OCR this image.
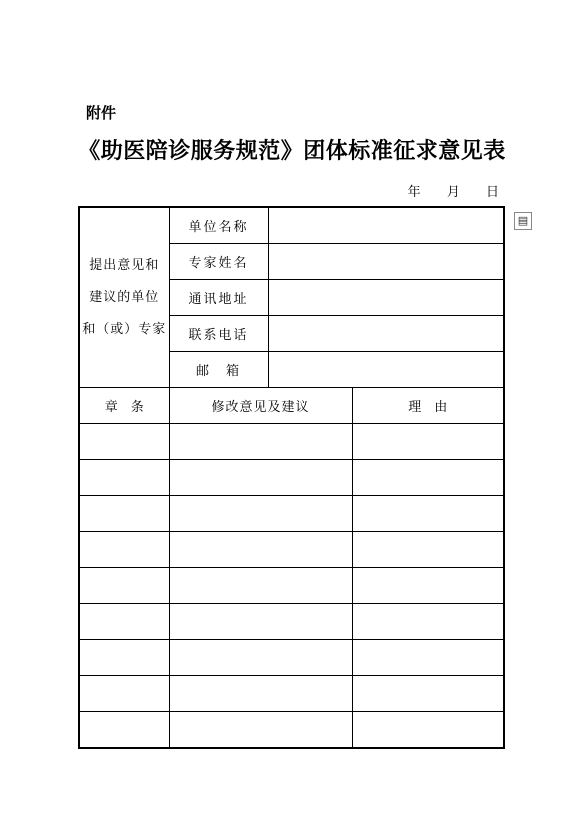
附件
《助医陪诊服务规范》团体标准征求意见表
年 月 日
▤
提出意见和
建议的单位
和（或）专家	单位名称		
	专家姓名		
	通讯地址		
	联系电话		
	邮　箱		
章　条	修改意见及建议		理　由
